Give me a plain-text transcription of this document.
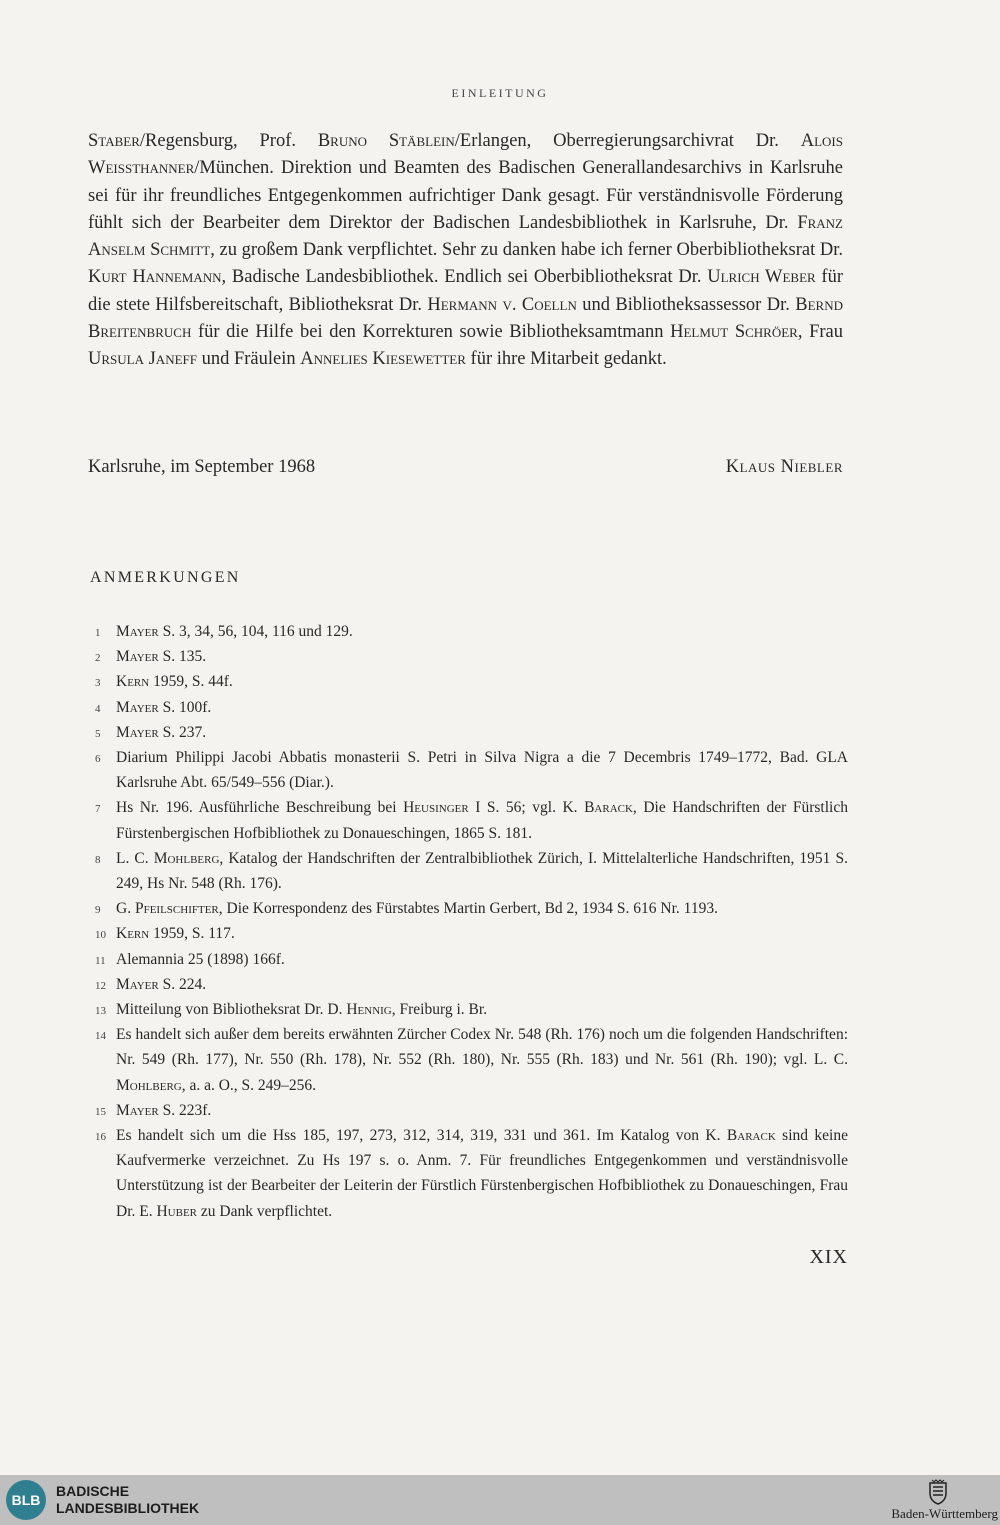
EINLEITUNG

Staber/Regensburg, Prof. Bruno Stäblein/Erlangen, Oberregierungsarchivrat Dr. Alois Weissthanner/München. Direktion und Beamten des Badischen Generallandesarchivs in Karlsruhe sei für ihr freundliches Entgegenkommen aufrichtiger Dank gesagt. Für verständnisvolle Förderung fühlt sich der Bearbeiter dem Direktor der Badischen Landesbibliothek in Karlsruhe, Dr. Franz Anselm Schmitt, zu großem Dank verpflichtet. Sehr zu danken habe ich ferner Oberbibliotheksrat Dr. Kurt Hannemann, Badische Landesbibliothek. Endlich sei Oberbibliotheksrat Dr. Ulrich Weber für die stete Hilfsbereitschaft, Bibliotheksrat Dr. Hermann v. Coelln und Bibliotheksassessor Dr. Bernd Breitenbruch für die Hilfe bei den Korrekturen sowie Bibliotheksamtmann Helmut Schröer, Frau Ursula Janeff und Fräulein Annelies Kiesewetter für ihre Mitarbeit gedankt.

Karlsruhe, im September 1968	Klaus Niebler
ANMERKUNGEN

1 Mayer S. 3, 34, 56, 104, 116 und 129.

2 Mayer S. 135.

3 Kern 1959, S. 44f.

4 Mayer S. 100f.

5 Mayer S. 237.

6 Diarium Philippi Jacobi Abbatis monasterii S. Petri in Silva Nigra a die 7 Decembris 1749–1772, Bad. GLA Karlsruhe Abt. 65/549–556 (Diar.).

7 Hs Nr. 196. Ausführliche Beschreibung bei Heusinger I S. 56; vgl. K. Barack, Die Handschriften der Fürstlich Fürstenbergischen Hofbibliothek zu Donaueschingen, 1865 S. 181.

8 L. C. Mohlberg, Katalog der Handschriften der Zentralbibliothek Zürich, I. Mittelalterliche Handschriften, 1951 S. 249, Hs Nr. 548 (Rh. 176).

9 G. Pfeilschifter, Die Korrespondenz des Fürstabtes Martin Gerbert, Bd 2, 1934 S. 616 Nr. 1193.

10 Kern 1959, S. 117.

11 Alemannia 25 (1898) 166f.

12 Mayer S. 224.

13 Mitteilung von Bibliotheksrat Dr. D. Hennig, Freiburg i. Br.

14 Es handelt sich außer dem bereits erwähnten Zürcher Codex Nr. 548 (Rh. 176) noch um die folgenden Handschriften: Nr. 549 (Rh. 177), Nr. 550 (Rh. 178), Nr. 552 (Rh. 180), Nr. 555 (Rh. 183) und Nr. 561 (Rh. 190); vgl. L. C. Mohlberg, a. a. O., S. 249–256.

15 Mayer S. 223f.

16 Es handelt sich um die Hss 185, 197, 273, 312, 314, 319, 331 und 361. Im Katalog von K. Barack sind keine Kaufvermerke verzeichnet. Zu Hs 197 s. o. Anm. 7. Für freundliches Entgegenkommen und verständnisvolle Unterstützung ist der Bearbeiter der Leiterin der Fürstlich Fürstenbergischen Hofbibliothek zu Donaueschingen, Frau Dr. E. Huber zu Dank verpflichtet.

XIX
BLB
BADISCHE
LANDESBIBLIOTHEK	Baden-Württemberg
